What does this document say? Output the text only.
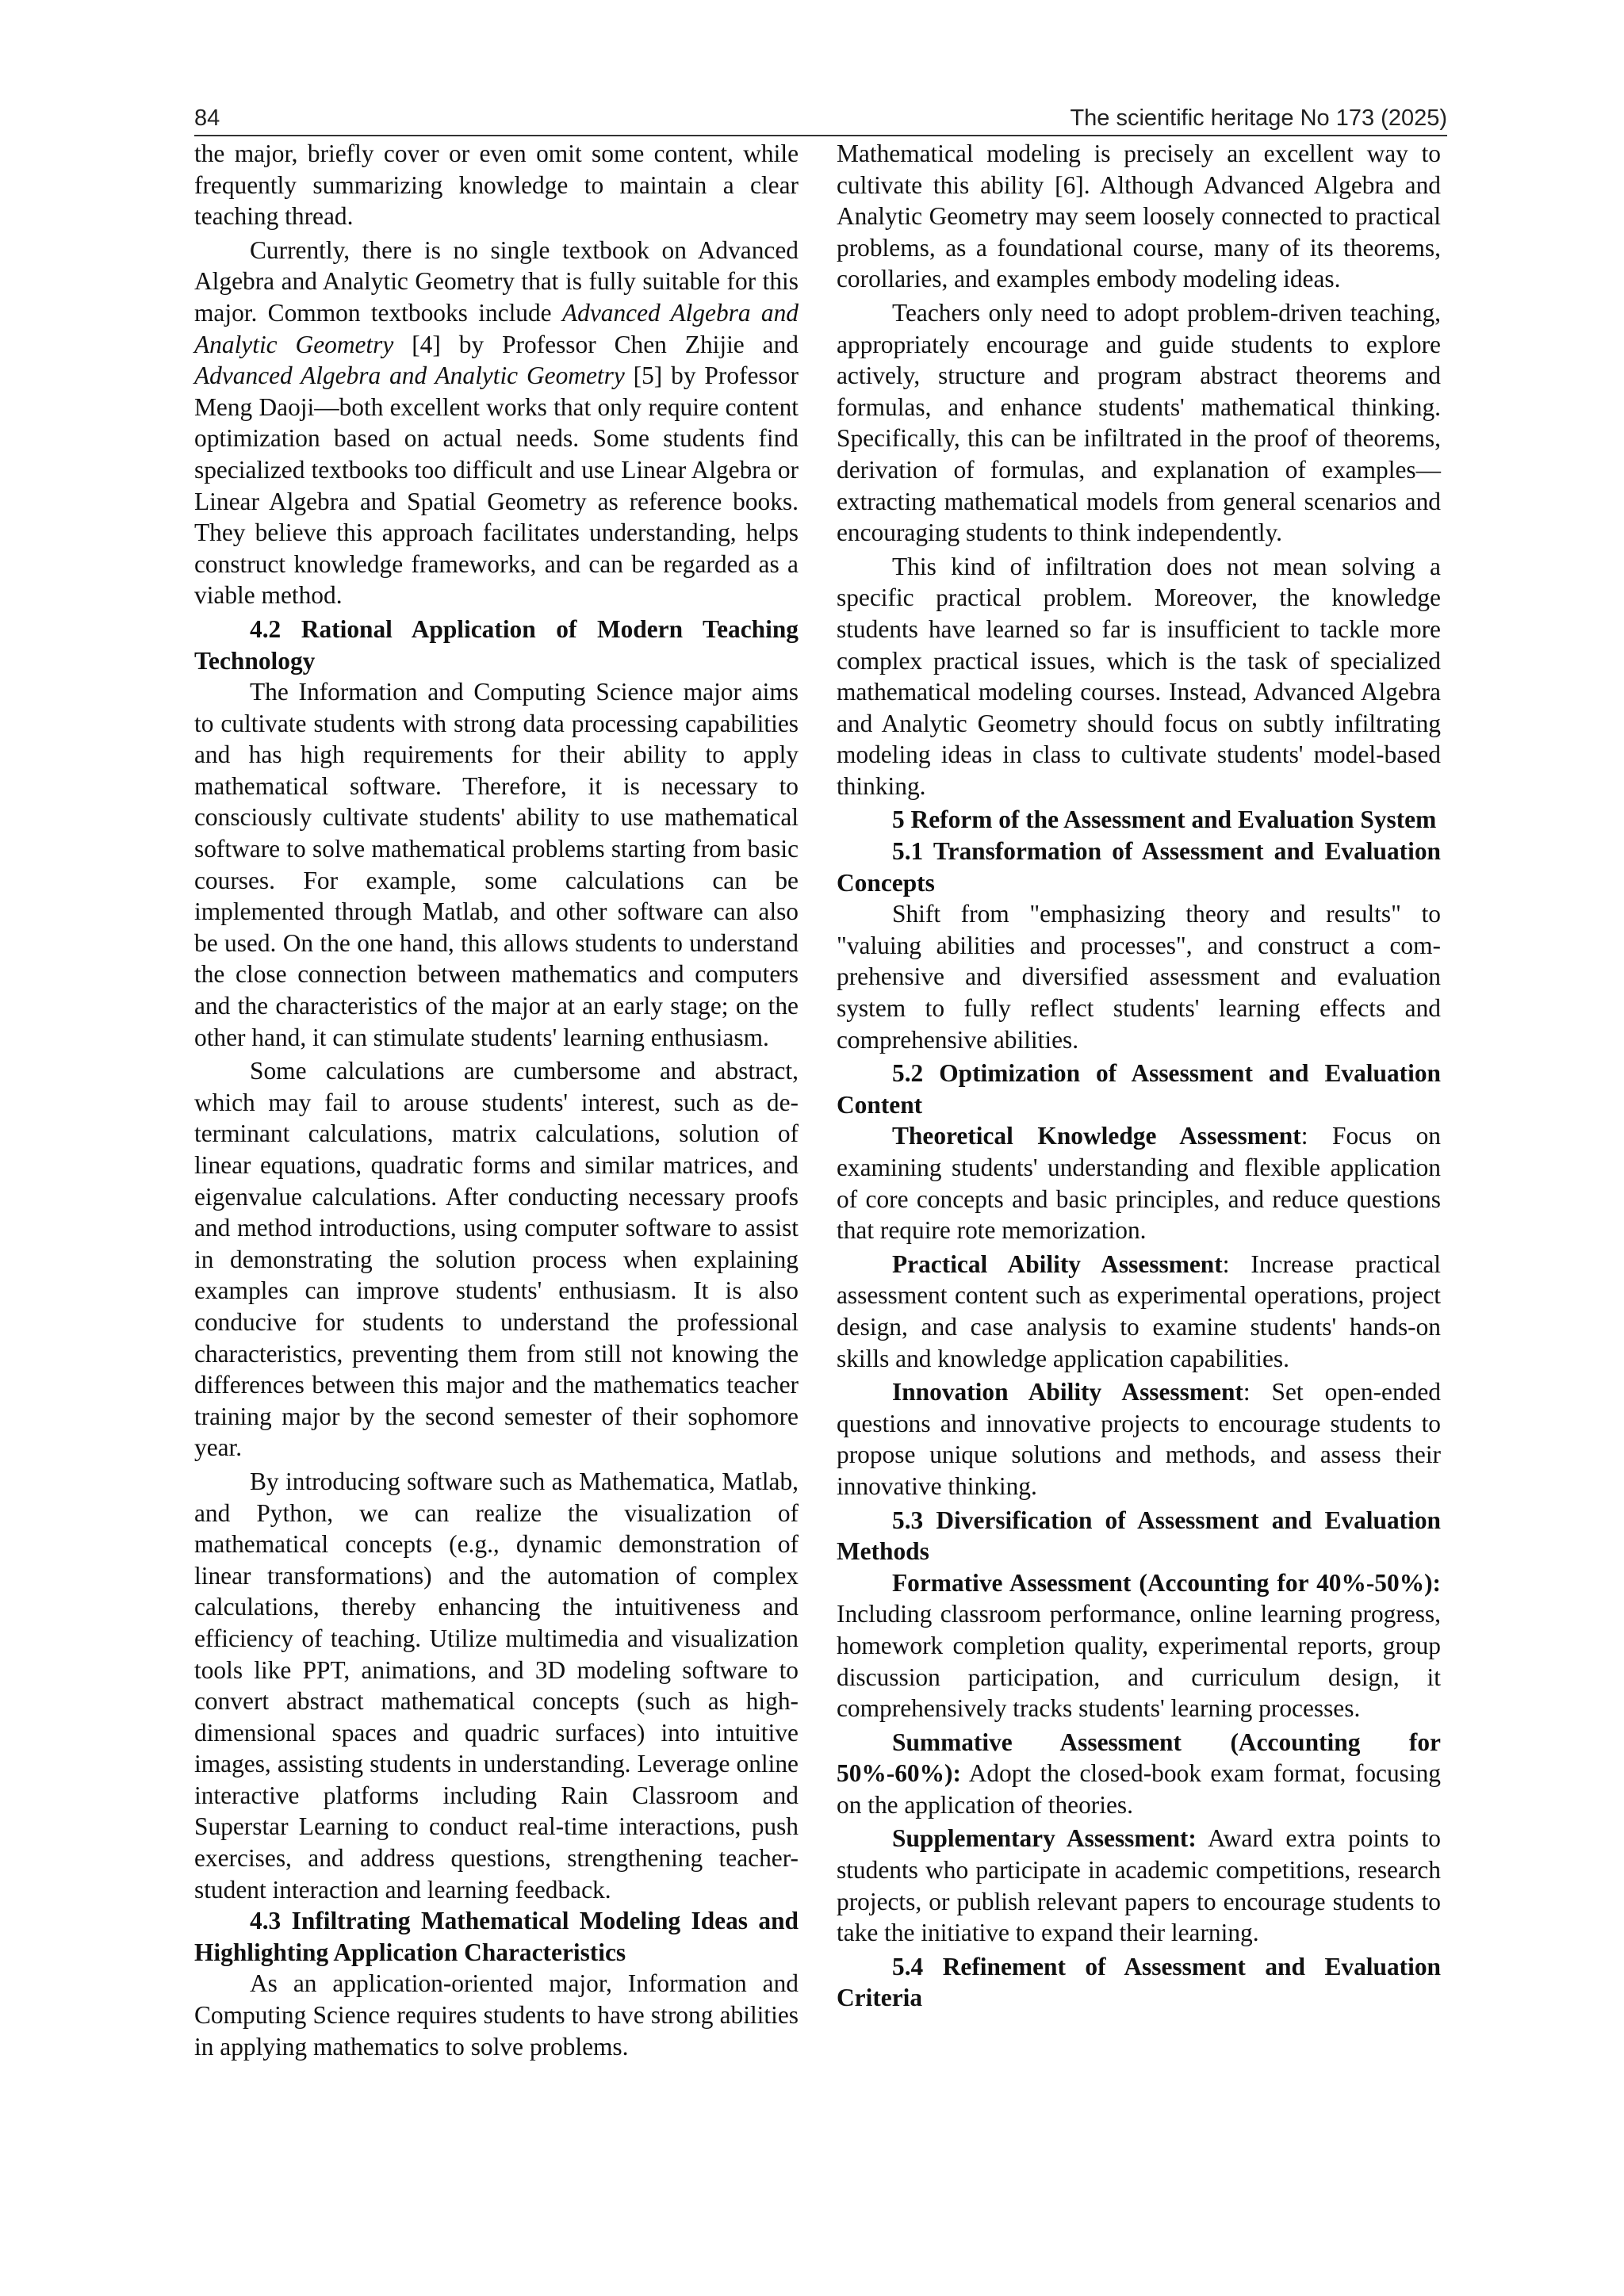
84	The scientific heritage No 173 (2025)

the major, briefly cover or even omit some content, while frequently summarizing knowledge to maintain a clear teaching thread.

Currently, there is no single textbook on Advanced Algebra and Analytic Geometry that is fully suitable for this major. Common textbooks include Advanced Algebra and Analytic Geometry [4] by Professor Chen Zhijie and Advanced Algebra and Analytic Geometry [5] by Professor Meng Daoji—both excellent works that only require content optimization based on actual needs. Some students find specialized textbooks too difficult and use Linear Algebra or Linear Algebra and Spatial Geometry as reference books. They believe this approach facilitates understanding, helps construct knowledge frameworks, and can be regarded as a viable method.

4.2 Rational Application of Modern Teaching Technology

The Information and Computing Science major aims to cultivate students with strong data processing capabilities and has high requirements for their ability to apply mathematical software. Therefore, it is necessary to consciously cultivate students' ability to use mathematical software to solve mathematical problems starting from basic courses. For example, some calculations can be implemented through Matlab, and other software can also be used. On the one hand, this allows students to understand the close connection between mathematics and computers and the characteristics of the major at an early stage; on the other hand, it can stimulate students' learning enthusiasm.

Some calculations are cumbersome and abstract, which may fail to arouse students' interest, such as determinant calculations, matrix calculations, solution of linear equations, quadratic forms and similar matrices, and eigenvalue calculations. After conducting necessary proofs and method introductions, using computer software to assist in demonstrating the solution process when explaining examples can improve students' enthusiasm. It is also conducive for students to understand the professional characteristics, preventing them from still not knowing the differences between this major and the mathematics teacher training major by the second semester of their sophomore year.

By introducing software such as Mathematica, Matlab, and Python, we can realize the visualization of mathematical concepts (e.g., dynamic demonstration of linear transformations) and the automation of complex calculations, thereby enhancing the intuitiveness and efficiency of teaching. Utilize multimedia and visualization tools like PPT, animations, and 3D modeling software to convert abstract mathematical concepts (such as high-dimensional spaces and quadric surfaces) into intuitive images, assisting students in understanding. Leverage online interactive platforms including Rain Classroom and Superstar Learning to conduct real-time interactions, push exercises, and address questions, strengthening teacher-student interaction and learning feedback.

4.3 Infiltrating Mathematical Modeling Ideas and Highlighting Application Characteristics

As an application-oriented major, Information and Computing Science requires students to have strong abilities in applying mathematics to solve problems.

Mathematical modeling is precisely an excellent way to cultivate this ability [6]. Although Advanced Algebra and Analytic Geometry may seem loosely connected to practical problems, as a foundational course, many of its theorems, corollaries, and examples embody modeling ideas.

Teachers only need to adopt problem-driven teaching, appropriately encourage and guide students to explore actively, structure and program abstract theorems and formulas, and enhance students' mathematical thinking. Specifically, this can be infiltrated in the proof of theorems, derivation of formulas, and explanation of examples—extracting mathematical models from general scenarios and encouraging students to think independently.

This kind of infiltration does not mean solving a specific practical problem. Moreover, the knowledge students have learned so far is insufficient to tackle more complex practical issues, which is the task of specialized mathematical modeling courses. Instead, Advanced Algebra and Analytic Geometry should focus on subtly infiltrating modeling ideas in class to cultivate students' model-based thinking.

5 Reform of the Assessment and Evaluation System

5.1 Transformation of Assessment and Evaluation Concepts

Shift from "emphasizing theory and results" to "valuing abilities and processes", and construct a comprehensive and diversified assessment and evaluation system to fully reflect students' learning effects and comprehensive abilities.

5.2 Optimization of Assessment and Evaluation Content

Theoretical Knowledge Assessment: Focus on examining students' understanding and flexible application of core concepts and basic principles, and reduce questions that require rote memorization.

Practical Ability Assessment: Increase practical assessment content such as experimental operations, project design, and case analysis to examine students' hands-on skills and knowledge application capabilities.

Innovation Ability Assessment: Set open-ended questions and innovative projects to encourage students to propose unique solutions and methods, and assess their innovative thinking.

5.3 Diversification of Assessment and Evaluation Methods

Formative Assessment (Accounting for 40%-50%): Including classroom performance, online learning progress, homework completion quality, experimental reports, group discussion participation, and curriculum design, it comprehensively tracks students' learning processes.

Summative Assessment (Accounting for 50%-60%): Adopt the closed-book exam format, focusing on the application of theories.

Supplementary Assessment: Award extra points to students who participate in academic competitions, research projects, or publish relevant papers to encourage students to take the initiative to expand their learning.

5.4 Refinement of Assessment and Evaluation Criteria
